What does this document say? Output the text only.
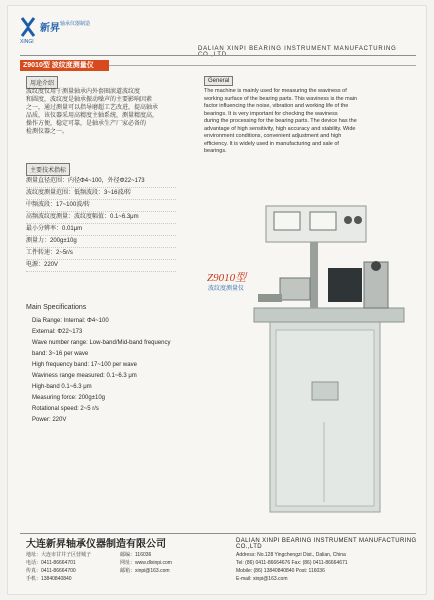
新昇 轴承仪器制造
XINGI
DALIAN XINPI BEARING INSTRUMENT MANUFACTURING
Z9010型 波纹度测量仪
用途介绍
波纹度仪用于测量轴承内外套圈滚道波纹度
和圆度，波纹度是轴承振动噪声的主要影响因素
之一，通过测量可以指导磨超工艺改进，提高轴承
品质，该仪器采用高精度主轴系统，测量精度高，
操作方便，稳定可靠，是轴承生产厂家必备的
检测仪器之一。
General
The machine is mainly used for measuring the waviness of
working surface of the bearing parts. This waviness is the main
factor influencing the noise, vibration and working life of the
bearings. It is very important for checking the waviness
during the processing for the bearing parts. The device has the
advantage of high sensitivity, high accuracy and stability. Wide
environment conditions, convenient adjustment and high
efficiency. It is widely used in manufacturing and sale of
bearings.
主要技术指标
测量直径范围：内径Φ4~100，外径Φ22~173
波纹度测量范围：低频波段：3~16波/转
中频波段：17~100波/转
高频波纹度测量：波纹度幅值：0.1~6.3μm
最小分辨率：0.01μm
测量力：200g±10g
工件转速：2~5r/s
电源：220V
Z9010型
波纹度测量仪
Main Specifications
Dia Range: Internal: Φ4~100
External: Φ22~173
Wave number range: Low-band/Mid-band frequency
band: 3~16 per wave
High frequency band: 17~100 per wave
Waviness range measured: 0.1~6.3 μm
High-band 0.1~6.3 μm
Measuring force: 200g±10g
Rotational speed: 2~5 r/s
Power: 220V
大连新昇轴承仪器制造有限公司	DALIAN XINPI BEARING INSTRUMENT MANUFACTURING CO.,LTD
地址：大连市甘井子区营城子
电话：0411-86664701
传真：0411-86664700
手机：13840840840
邮编：116036
网址：www.dlxinpi.com
邮箱：xinpi@163.com
Address: No.128 Yingchengzi Dist., Dalian, China
Tel: (86) 0411-86664676 Fax: (86) 0411-86664671
Mobile: (86) 13840840840 Post: 116036
E-mail: xinpi@163.com
